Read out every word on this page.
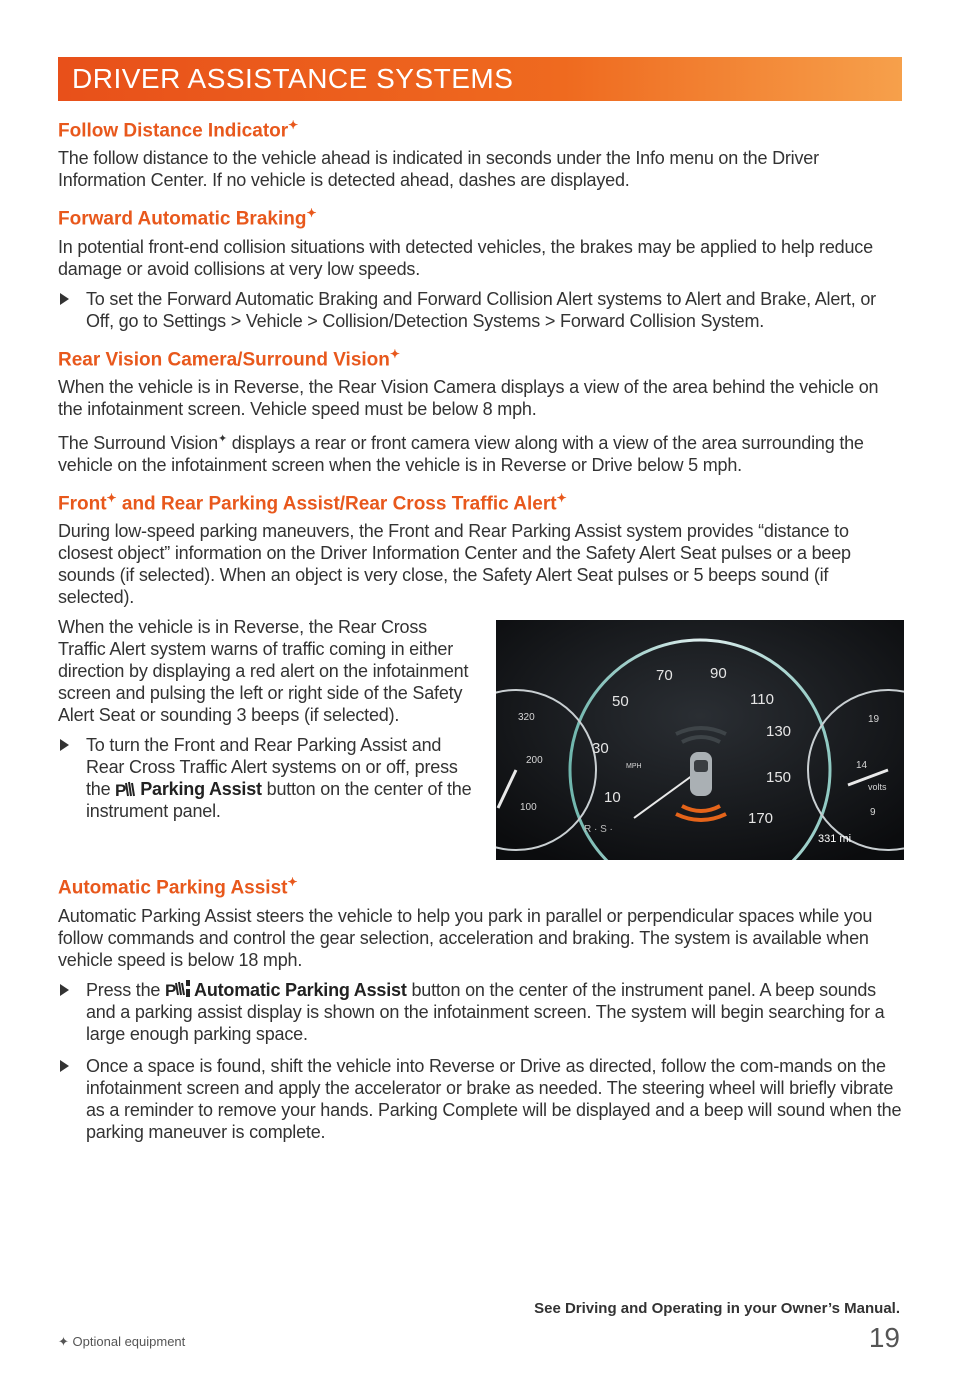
DRIVER ASSISTANCE SYSTEMS
Follow Distance Indicator✦

The follow distance to the vehicle ahead is indicated in seconds under the Info menu on the Driver Information Center. If no vehicle is detected ahead, dashes are displayed.

Forward Automatic Braking✦

In potential front-end collision situations with detected vehicles, the brakes may be applied to help reduce damage or avoid collisions at very low speeds.

To set the Forward Automatic Braking and Forward Collision Alert systems to Alert and Brake, Alert, or Off, go to Settings > Vehicle > Collision/Detection Systems > Forward Collision System.
Rear Vision Camera/Surround Vision✦

When the vehicle is in Reverse, the Rear Vision Camera displays a view of the area behind the vehicle on the infotainment screen. Vehicle speed must be below 8 mph.

The Surround Vision✦ displays a rear or front camera view along with a view of the area surrounding the vehicle on the infotainment screen when the vehicle is in Reverse or Drive below 5 mph.

Front✦ and Rear Parking Assist/Rear Cross Traffic Alert✦

During low-speed parking maneuvers, the Front and Rear Parking Assist system provides “distance to closest object” information on the Driver Information Center and the Safety Alert Seat pulses or a beep sounds (if selected). When an object is very close, the Safety Alert Seat pulses or 5 beeps sound (if selected).

When the vehicle is in Reverse, the Rear Cross Traffic Alert system warns of traffic coming in either direction by displaying a red alert on the infotainment screen and pulsing the left or right side of the Safety Alert Seat or sounding 3 beeps (if selected).

To turn the Front and Rear Parking Assist and Rear Cross Traffic Alert systems on or off, press the P Parking Assist button on the center of the instrument panel.
10
30
50
70 90
110
130
150
170
320
200
100
19
14
9
volts
MPH
R · S ·
331 mi
Automatic Parking Assist✦

Automatic Parking Assist steers the vehicle to help you park in parallel or perpendicular spaces while you follow commands and control the gear selection, acceleration and braking. The system is available when vehicle speed is below 18 mph.

Press the P Automatic Parking Assist button on the center of the instrument panel. A beep sounds and a parking assist display is shown on the infotainment screen. The system will begin searching for a large enough parking space.
Once a space is found, shift the vehicle into Reverse or Drive as directed, follow the com-mands on the infotainment screen and apply the accelerator or brake as needed. The steering wheel will briefly vibrate as a reminder to remove your hands. Parking Complete will be displayed and a beep will sound when the parking maneuver is complete.
See Driving and Operating in your Owner’s Manual.
✦ Optional equipment	19
